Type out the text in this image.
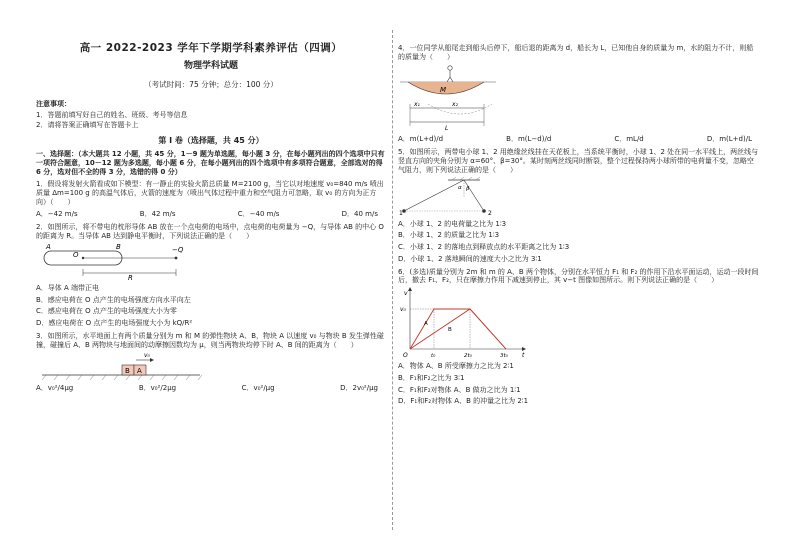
高一 2022-2023 学年下学期学科素养评估（四调）
物理学科试题
（考试时间：75 分钟；总分：100 分）
注意事项：
1．答题前填写好自己的姓名、班级、考号等信息
2．请将答案正确填写在答题卡上
第 I 卷（选择题，共 45 分）
一、选择题：（本大题共 12 小题，共 45 分，1－9 题为单选题，每小题 3 分，在每小题列出的四个选项中只有一项符合题意，10－12 题为多选题，每小题 6 分，在每小题列出的四个选项中有多项符合题意，全部选对的得 6 分，选对但不全的得 3 分，选错的得 0 分）
1．假设将发射火箭看成如下模型：有一静止的实验火箭总质量 M=2100 g，当它以对地速度 v₀=840 m/s 喷出质量 Δm=100 g 的高温气体后，火箭的速度为（喷出气体过程中重力和空气阻力可忽略，取 v₀ 的方向为正方向）（　　）
A．−42 m/s	B．42 m/s	C．−40 m/s	D．40 m/s
2．如图所示，将不带电的枕形导体 AB 放在一个点电荷的电场中，点电荷的电荷量为 −Q，与导体 AB 的中心 O 的距离为 R。当导体 AB 达到静电平衡时，下列说法正确的是（　　）
A
O
B	−Q
R
A．导体 A 端带正电
B．感应电荷在 O 点产生的电场强度方向水平向左
C．感应电荷在 O 点产生的电场强度大小为零
D．感应电荷在 O 点产生的电场强度大小为 kQ/R²
3．如图所示，水平地面上有两个质量分别为 m 和 M 的弹性物块 A、B，物块 A 以速度 v₀ 与物块 B 发生弹性碰撞，碰撞后 A、B 两物块与地面间的动摩擦因数均为 μ，则当两物块均停下时 A、B 间的距离为（　　）
B A
v₀
A．v₀²/4μg	B．v₀²/2μg	C．v₀²/μg	D．2v₀²/μg
4．一位同学从船尾走到船头后停下，船后退的距离为 d，船长为 L，已知他自身的质量为 m，水的阻力不计，则船的质量为（　　）
M
x₁	x₂
L
A．m(L+d)/d	B．m(L−d)/d	C．mL/d	D．m(L+d)/L
5．如图所示，两带电小球 1、2 用绝缘丝线挂在天花板上，当系统平衡时，小球 1、2 处在同一水平线上，两丝线与竖直方向的夹角分别为 α=60°、β=30°。某时刻两丝线同时断裂，整个过程保持两小球所带的电荷量不变，忽略空气阻力，则下列说法正确的是（　　）
1	2
α β
A．小球 1、2 的电荷量之比为 1∶3
B．小球 1、2 的质量之比为 1∶3
C．小球 1、2 的落地点到释放点的水平距离之比为 1∶3
D．小球 1、2 落地瞬间的速度大小之比为 3∶1
6．(多选)质量分别为 2m 和 m 的 A、B 两个物体，分别在水平恒力 F₁ 和 F₂ 的作用下沿水平面运动，运动一段时间后，撤去 F₁、F₂，只在摩擦力作用下减速到停止，其 v−t 图像如图所示。则下列说法正确的是（　　）
v
v₀
O	t
t₀	2t₀	3t₀
A
B
A．物体 A、B 所受摩擦力之比为 2∶1
B．F₁和F₂之比为 3∶1
C．F₁和F₂对物体 A、B 做功之比为 1∶1
D．F₁和F₂对物体 A、B 的冲量之比为 2∶1
